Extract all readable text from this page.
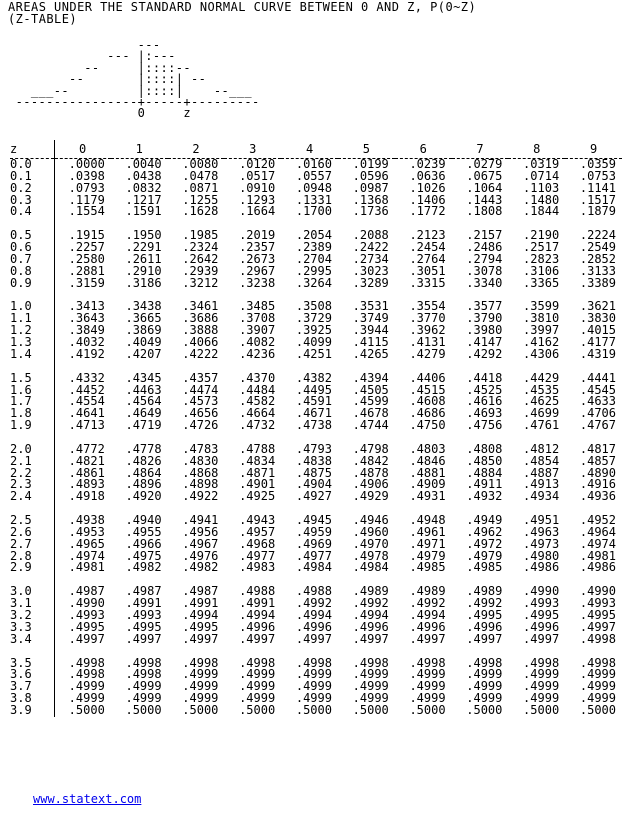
AREAS UNDER THE STANDARD NORMAL CURVE BETWEEN 0 AND Z, P(0~Z)
(Z-TABLE)
---
--- |:---
--     |::::--
--       |::::| --
___--         |::::|    --___
----------------+-----+---------
0     z
z	0	1	2	3	4	5	6	7	8	9
0.0	.0000	.0040	.0080	.0120	.0160	.0199	.0239	.0279	.0319	.0359
0.1	.0398	.0438	.0478	.0517	.0557	.0596	.0636	.0675	.0714	.0753
0.2	.0793	.0832	.0871	.0910	.0948	.0987	.1026	.1064	.1103	.1141
0.3	.1179	.1217	.1255	.1293	.1331	.1368	.1406	.1443	.1480	.1517
0.4	.1554	.1591	.1628	.1664	.1700	.1736	.1772	.1808	.1844	.1879

0.5	.1915	.1950	.1985	.2019	.2054	.2088	.2123	.2157	.2190	.2224
0.6	.2257	.2291	.2324	.2357	.2389	.2422	.2454	.2486	.2517	.2549
0.7	.2580	.2611	.2642	.2673	.2704	.2734	.2764	.2794	.2823	.2852
0.8	.2881	.2910	.2939	.2967	.2995	.3023	.3051	.3078	.3106	.3133
0.9	.3159	.3186	.3212	.3238	.3264	.3289	.3315	.3340	.3365	.3389

1.0	.3413	.3438	.3461	.3485	.3508	.3531	.3554	.3577	.3599	.3621
1.1	.3643	.3665	.3686	.3708	.3729	.3749	.3770	.3790	.3810	.3830
1.2	.3849	.3869	.3888	.3907	.3925	.3944	.3962	.3980	.3997	.4015
1.3	.4032	.4049	.4066	.4082	.4099	.4115	.4131	.4147	.4162	.4177
1.4	.4192	.4207	.4222	.4236	.4251	.4265	.4279	.4292	.4306	.4319

1.5	.4332	.4345	.4357	.4370	.4382	.4394	.4406	.4418	.4429	.4441
1.6	.4452	.4463	.4474	.4484	.4495	.4505	.4515	.4525	.4535	.4545
1.7	.4554	.4564	.4573	.4582	.4591	.4599	.4608	.4616	.4625	.4633
1.8	.4641	.4649	.4656	.4664	.4671	.4678	.4686	.4693	.4699	.4706
1.9	.4713	.4719	.4726	.4732	.4738	.4744	.4750	.4756	.4761	.4767

2.0	.4772	.4778	.4783	.4788	.4793	.4798	.4803	.4808	.4812	.4817
2.1	.4821	.4826	.4830	.4834	.4838	.4842	.4846	.4850	.4854	.4857
2.2	.4861	.4864	.4868	.4871	.4875	.4878	.4881	.4884	.4887	.4890
2.3	.4893	.4896	.4898	.4901	.4904	.4906	.4909	.4911	.4913	.4916
2.4	.4918	.4920	.4922	.4925	.4927	.4929	.4931	.4932	.4934	.4936

2.5	.4938	.4940	.4941	.4943	.4945	.4946	.4948	.4949	.4951	.4952
2.6	.4953	.4955	.4956	.4957	.4959	.4960	.4961	.4962	.4963	.4964
2.7	.4965	.4966	.4967	.4968	.4969	.4970	.4971	.4972	.4973	.4974
2.8	.4974	.4975	.4976	.4977	.4977	.4978	.4979	.4979	.4980	.4981
2.9	.4981	.4982	.4982	.4983	.4984	.4984	.4985	.4985	.4986	.4986

3.0	.4987	.4987	.4987	.4988	.4988	.4989	.4989	.4989	.4990	.4990
3.1	.4990	.4991	.4991	.4991	.4992	.4992	.4992	.4992	.4993	.4993
3.2	.4993	.4993	.4994	.4994	.4994	.4994	.4994	.4995	.4995	.4995
3.3	.4995	.4995	.4995	.4996	.4996	.4996	.4996	.4996	.4996	.4997
3.4	.4997	.4997	.4997	.4997	.4997	.4997	.4997	.4997	.4997	.4998

3.5	.4998	.4998	.4998	.4998	.4998	.4998	.4998	.4998	.4998	.4998
3.6	.4998	.4998	.4999	.4999	.4999	.4999	.4999	.4999	.4999	.4999
3.7	.4999	.4999	.4999	.4999	.4999	.4999	.4999	.4999	.4999	.4999
3.8	.4999	.4999	.4999	.4999	.4999	.4999	.4999	.4999	.4999	.4999
3.9	.5000	.5000	.5000	.5000	.5000	.5000	.5000	.5000	.5000	.5000
www.statext.com
